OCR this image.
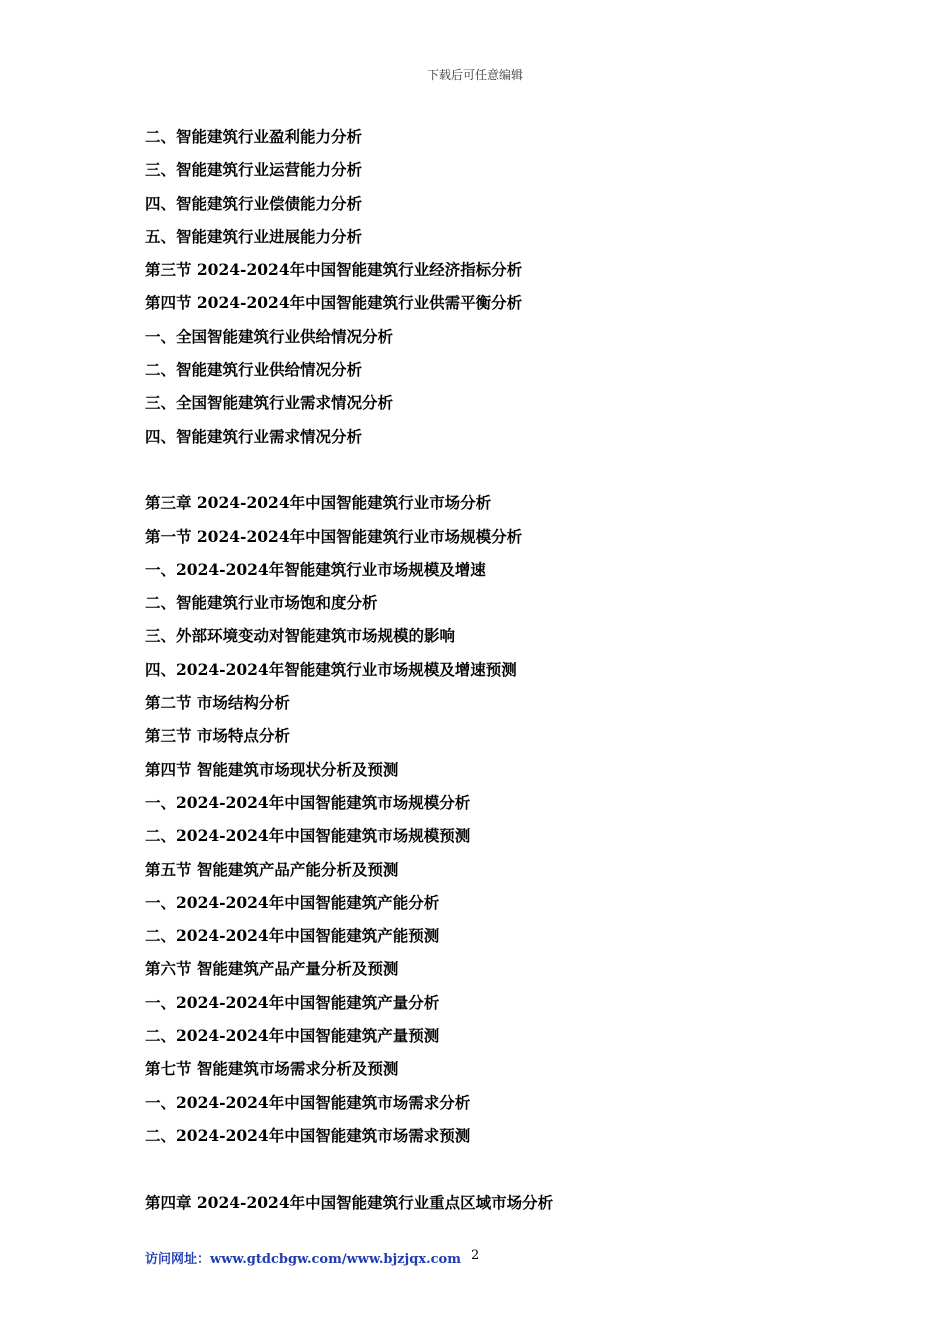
下载后可任意编辑
二、智能建筑行业盈利能力分析
三、智能建筑行业运营能力分析
四、智能建筑行业偿债能力分析
五、智能建筑行业进展能力分析
第三节 2024-2024年中国智能建筑行业经济指标分析
第四节 2024-2024年中国智能建筑行业供需平衡分析
一、全国智能建筑行业供给情况分析
二、智能建筑行业供给情况分析
三、全国智能建筑行业需求情况分析
四、智能建筑行业需求情况分析
第三章 2024-2024年中国智能建筑行业市场分析
第一节 2024-2024年中国智能建筑行业市场规模分析
一、2024-2024年智能建筑行业市场规模及增速
二、智能建筑行业市场饱和度分析
三、外部环境变动对智能建筑市场规模的影响
四、2024-2024年智能建筑行业市场规模及增速预测
第二节 市场结构分析
第三节 市场特点分析
第四节 智能建筑市场现状分析及预测
一、2024-2024年中国智能建筑市场规模分析
二、2024-2024年中国智能建筑市场规模预测
第五节 智能建筑产品产能分析及预测
一、2024-2024年中国智能建筑产能分析
二、2024-2024年中国智能建筑产能预测
第六节 智能建筑产品产量分析及预测
一、2024-2024年中国智能建筑产量分析
二、2024-2024年中国智能建筑产量预测
第七节 智能建筑市场需求分析及预测
一、2024-2024年中国智能建筑市场需求分析
二、2024-2024年中国智能建筑市场需求预测
第四章 2024-2024年中国智能建筑行业重点区域市场分析
访问网址：www.gtdcbgw.com/www.bjzjqx.com 2
